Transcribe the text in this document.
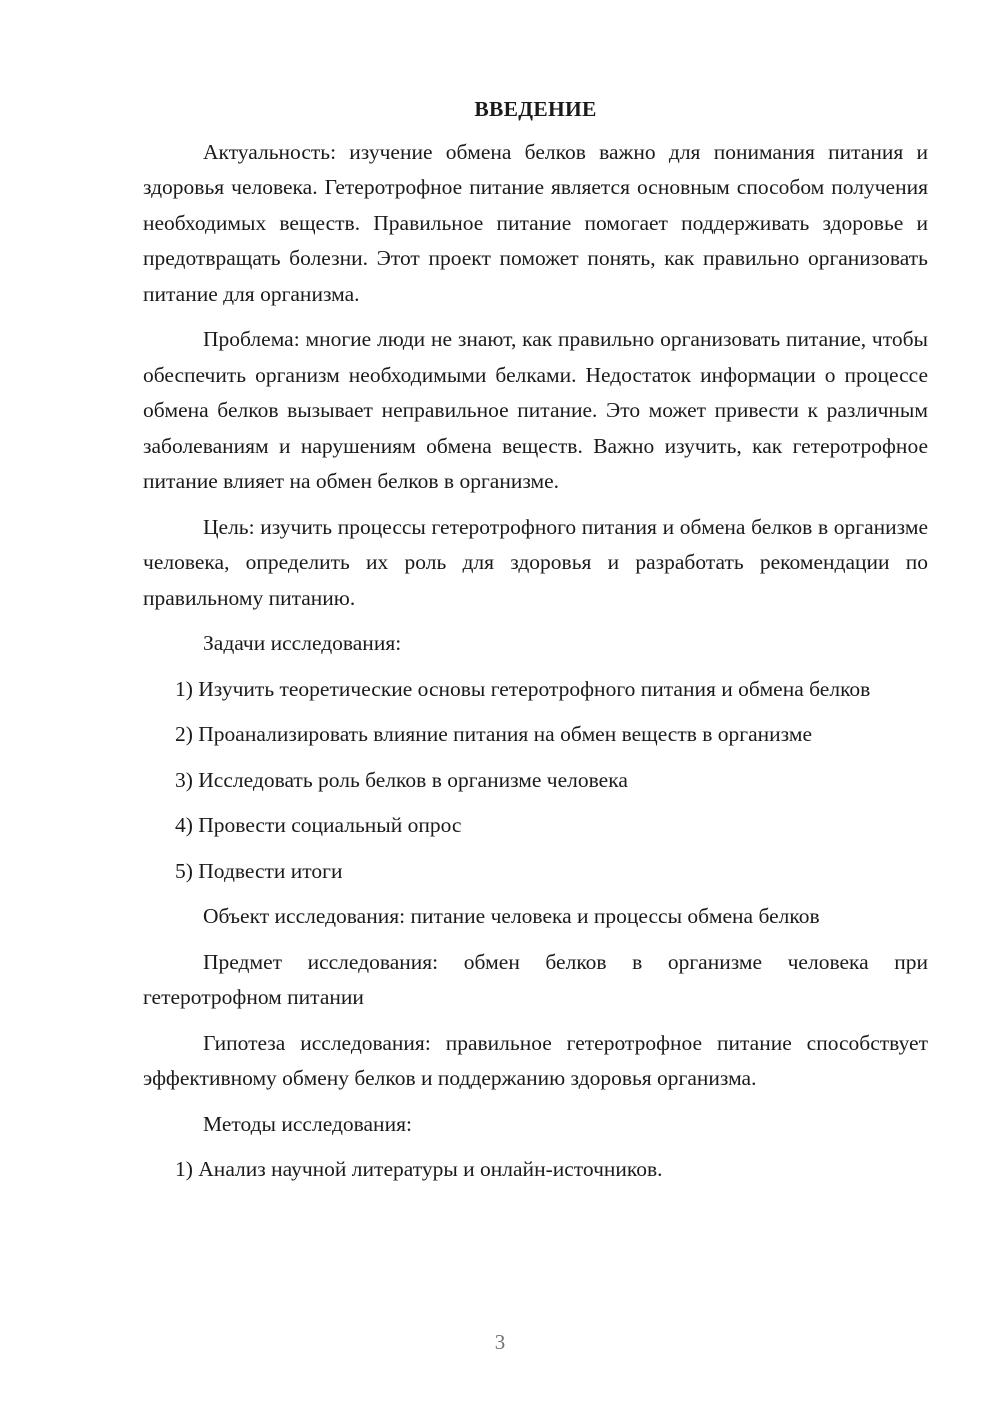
ВВЕДЕНИЕ

Актуальность: изучение обмена белков важно для понимания питания и здоровья человека. Гетеротрофное питание является основным способом получения необходимых веществ. Правильное питание помогает поддерживать здоровье и предотвращать болезни. Этот проект поможет понять, как правильно организовать питание для организма.

Проблема: многие люди не знают, как правильно организовать питание, чтобы обеспечить организм необходимыми белками. Недостаток информации о процессе обмена белков вызывает неправильное питание. Это может привести к различным заболеваниям и нарушениям обмена веществ. Важно изучить, как гетеротрофное питание влияет на обмен белков в организме.

Цель: изучить процессы гетеротрофного питания и обмена белков в организме человека, определить их роль для здоровья и разработать рекомендации по правильному питанию.

Задачи исследования:

1) Изучить теоретические основы гетеротрофного питания и обмена белков

2) Проанализировать влияние питания на обмен веществ в организме

3) Исследовать роль белков в организме человека

4) Провести социальный опрос

5) Подвести итоги

Объект исследования: питание человека и процессы обмена белков

Предмет исследования: обмен белков в организме человека при гетеротрофном питании

Гипотеза исследования: правильное гетеротрофное питание способствует эффективному обмену белков и поддержанию здоровья организма.

Методы исследования:

1) Анализ научной литературы и онлайн-источников.

3
